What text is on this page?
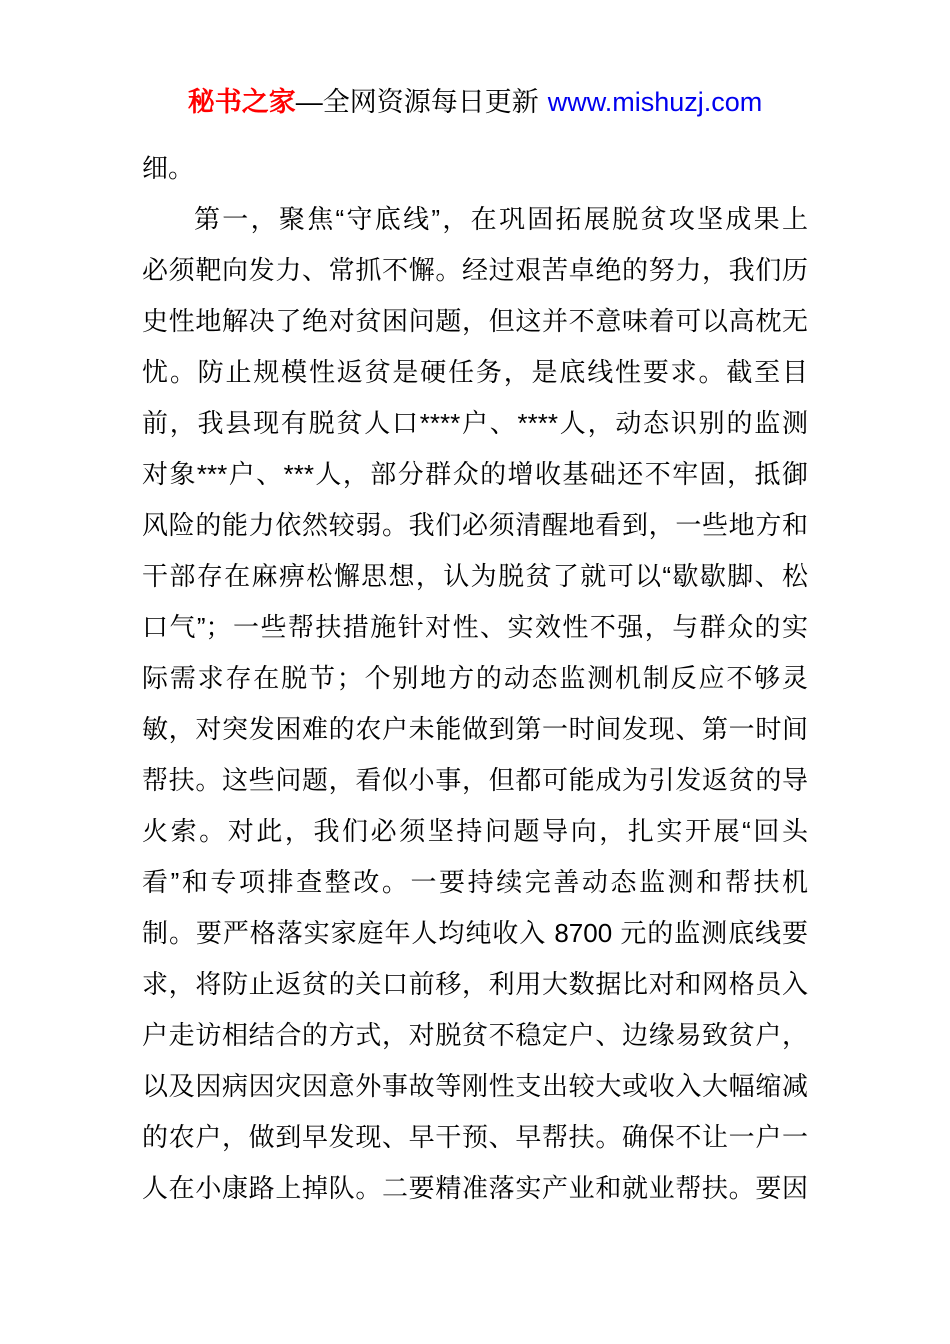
秘书之家—全网资源每日更新 www.mishuzj.com

细。

第一，聚焦“守底线”，在巩固拓展脱贫攻坚成果上
必须靶向发力、常抓不懈。经过艰苦卓绝的努力，我们历
史性地解决了绝对贫困问题，但这并不意味着可以高枕无
忧。防止规模性返贫是硬任务，是底线性要求。截至目
前，我县现有脱贫人口****户、****人，动态识别的监测
对象***户、***人，部分群众的增收基础还不牢固，抵御
风险的能力依然较弱。我们必须清醒地看到，一些地方和
干部存在麻痹松懈思想，认为脱贫了就可以“歇歇脚、松
口气”；一些帮扶措施针对性、实效性不强，与群众的实
际需求存在脱节；个别地方的动态监测机制反应不够灵
敏，对突发困难的农户未能做到第一时间发现、第一时间
帮扶。这些问题，看似小事，但都可能成为引发返贫的导
火索。对此，我们必须坚持问题导向，扎实开展“回头
看”和专项排查整改。一要持续完善动态监测和帮扶机
制。要严格落实家庭年人均纯收入 8700 元的监测底线要
求，将防止返贫的关口前移，利用大数据比对和网格员入
户走访相结合的方式，对脱贫不稳定户、边缘易致贫户，
以及因病因灾因意外事故等刚性支出较大或收入大幅缩减
的农户，做到早发现、早干预、早帮扶。确保不让一户一
人在小康路上掉队。二要精准落实产业和就业帮扶。要因
